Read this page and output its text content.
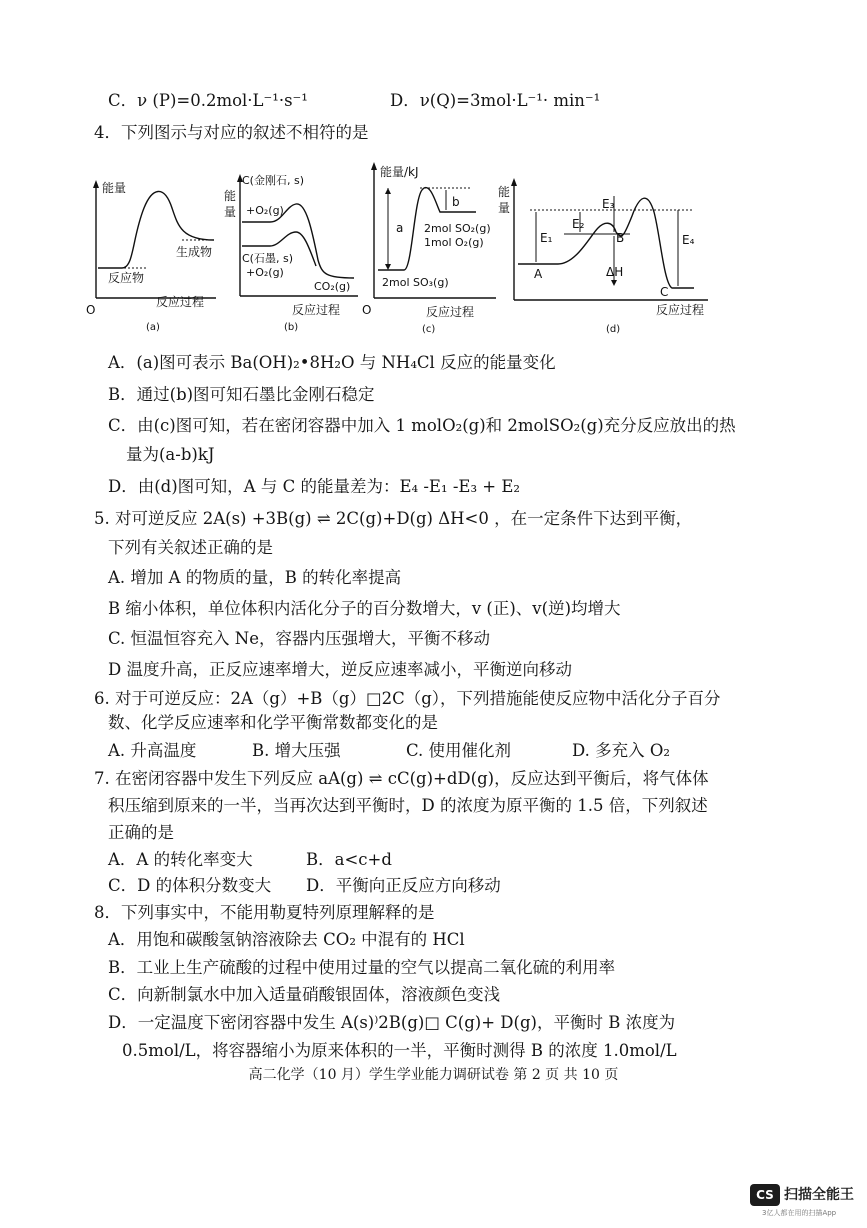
C．ν (P)=0.2mol·L⁻¹·s⁻¹	D．ν(Q)=3mol·L⁻¹· min⁻¹
4．下列图示与对应的叙述不相符的是
A．(a)图可表示 Ba(OH)₂•8H₂O 与 NH₄Cl 反应的能量变化
B．通过(b)图可知石墨比金刚石稳定
C．由(c)图可知，若在密闭容器中加入 1 molO₂(g)和 2molSO₂(g)充分反应放出的热
量为(a-b)kJ
D．由(d)图可知，A 与 C 的能量差为：E₄ -E₁ -E₃ + E₂
5. 对可逆反应 2A(s) +3B(g) ⇌ 2C(g)+D(g) ΔH<0 ，在一定条件下达到平衡，
下列有关叙述正确的是
A. 增加 A 的物质的量，B 的转化率提高
B 缩小体积，单位体积内活化分子的百分数增大，v (正)、v(逆)均增大
C. 恒温恒容充入 Ne，容器内压强增大，平衡不移动
D 温度升高，正反应速率增大，逆反应速率减小，平衡逆向移动
6. 对于可逆反应：2A（g）+B（g）□2C（g），下列措施能使反应物中活化分子百分
数、化学反应速率和化学平衡常数都变化的是
A. 升高温度	B. 增大压强	C. 使用催化剂	D. 多充入 O₂
7. 在密闭容器中发生下列反应 aA(g) ⇌ cC(g)+dD(g)，反应达到平衡后，将气体体
积压缩到原来的一半，当再次达到平衡时，D 的浓度为原平衡的 1.5 倍，下列叙述
正确的是
A．A 的转化率变大	B．a<c+d
C．D 的体积分数变大 D．平衡向正反应方向移动
8．下列事实中，不能用勒夏特列原理解释的是
A．用饱和碳酸氢钠溶液除去 CO₂ 中混有的 HCl
B．工业上生产硫酸的过程中使用过量的空气以提高二氧化硫的利用率
C．向新制氯水中加入适量硝酸银固体，溶液颜色变浅
D．一定温度下密闭容器中发生 A(s)⁾2B(g)□ C(g)+ D(g)，平衡时 B 浓度为
0.5mol/L，将容器缩小为原来体积的一半，平衡时测得 B 的浓度 1.0mol/L
能量
O
生成物
反应物
反应过程
(a)
C(金刚石, s)
+O₂(g)
能
量
C(石墨, s)
+O₂(g)
CO₂(g)
反应过程
(b)
能量/kJ
a
b
2mol SO₂(g)
1mol O₂(g)
2mol SO₃(g)
O	反应过程
(c)
能
量
E₁
E₂
E₃
E₄
A
B
C
ΔH
反应过程
(d)
高二化学（10 月）学生学业能力调研试卷 第 2 页 共 10 页
CS 扫描全能王
3亿人都在用的扫描App
